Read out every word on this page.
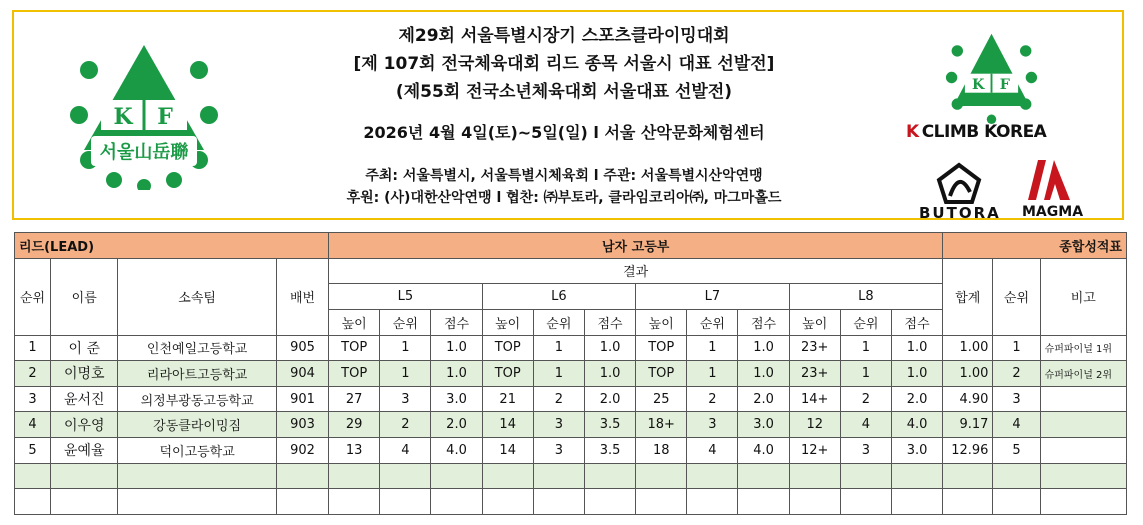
K F
서울山岳聯
제29회 서울특별시장기 스포츠클라이밍대회
[제 107회 전국체육대회 리드 종목 서울시 대표 선발전]
(제55회 전국소년체육대회 서울대표 선발전)
2026년 4월 4일(토)~5일(일) l 서울 산악문화체험센터
주최: 서울특별시, 서울특별시체육회 l 주관: 서울특별시산악연맹
후원: (사)대한산악연맹 l 협찬: ㈜부토라, 클라임코리아㈜, 마그마홀드
K F
K CLIMB KOREA
BUTORA MAGMA
리드(LEAD)				남자 고등부												종합성적표		
순위	이름	소속팀	배번	결과												합계	순위	비고
				L5			L6			L7			L8					
				높이	순위	점수	높이	순위	점수	높이	순위	점수	높이	순위	점수			
1	이 준	인천예일고등학교	905	TOP	1	1.0	TOP	1	1.0	TOP	1	1.0	23+	1	1.0	1.00	1	슈퍼파이널 1위
2	이명호	리라아트고등학교	904	TOP	1	1.0	TOP	1	1.0	TOP	1	1.0	23+	1	1.0	1.00	2	슈퍼파이널 2위
3	윤서진	의정부광동고등학교	901	27	3	3.0	21	2	2.0	25	2	2.0	14+	2	2.0	4.90	3	
4	이우영	강동클라이밍짐	903	29	2	2.0	14	3	3.5	18+	3	3.0	12	4	4.0	9.17	4	
5	윤예율	덕이고등학교	902	13	4	4.0	14	3	3.5	18	4	4.0	12+	3	3.0	12.96	5	
